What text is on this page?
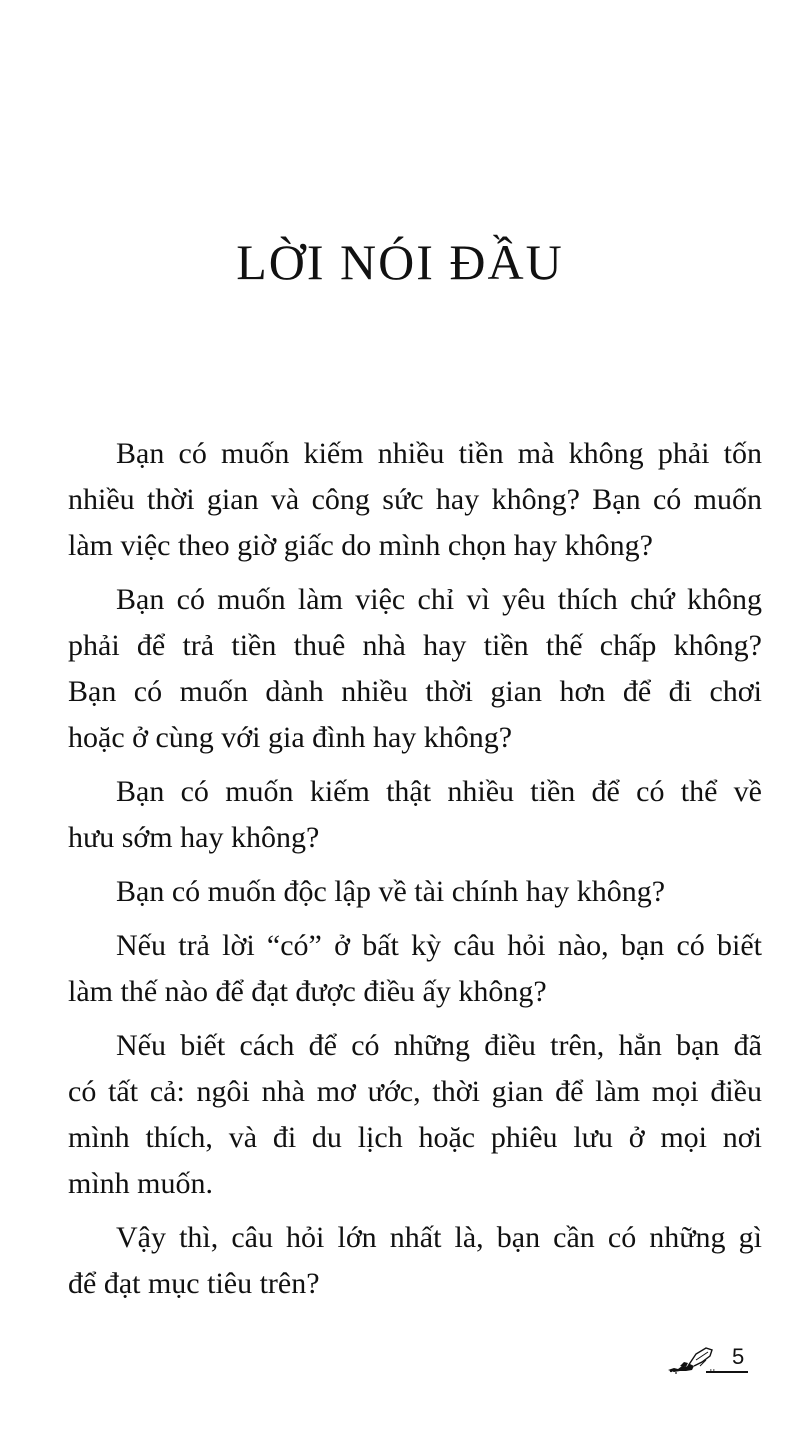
LỜI NÓI ĐẦU
Bạn có muốn kiếm nhiều tiền mà không phải tốn
nhiều thời gian và công sức hay không? Bạn có muốn
làm việc theo giờ giấc do mình chọn hay không?
Bạn có muốn làm việc chỉ vì yêu thích chứ không
phải để trả tiền thuê nhà hay tiền thế chấp không?
Bạn có muốn dành nhiều thời gian hơn để đi chơi
hoặc ở cùng với gia đình hay không?
Bạn có muốn kiếm thật nhiều tiền để có thể về
hưu sớm hay không?
Bạn có muốn độc lập về tài chính hay không?
Nếu trả lời “có” ở bất kỳ câu hỏi nào, bạn có biết
làm thế nào để đạt được điều ấy không?
Nếu biết cách để có những điều trên, hẳn bạn đã
có tất cả: ngôi nhà mơ ước, thời gian để làm mọi điều
mình thích, và đi du lịch hoặc phiêu lưu ở mọi nơi
mình muốn.
Vậy thì, câu hỏi lớn nhất là, bạn cần có những gì
để đạt mục tiêu trên?
5
